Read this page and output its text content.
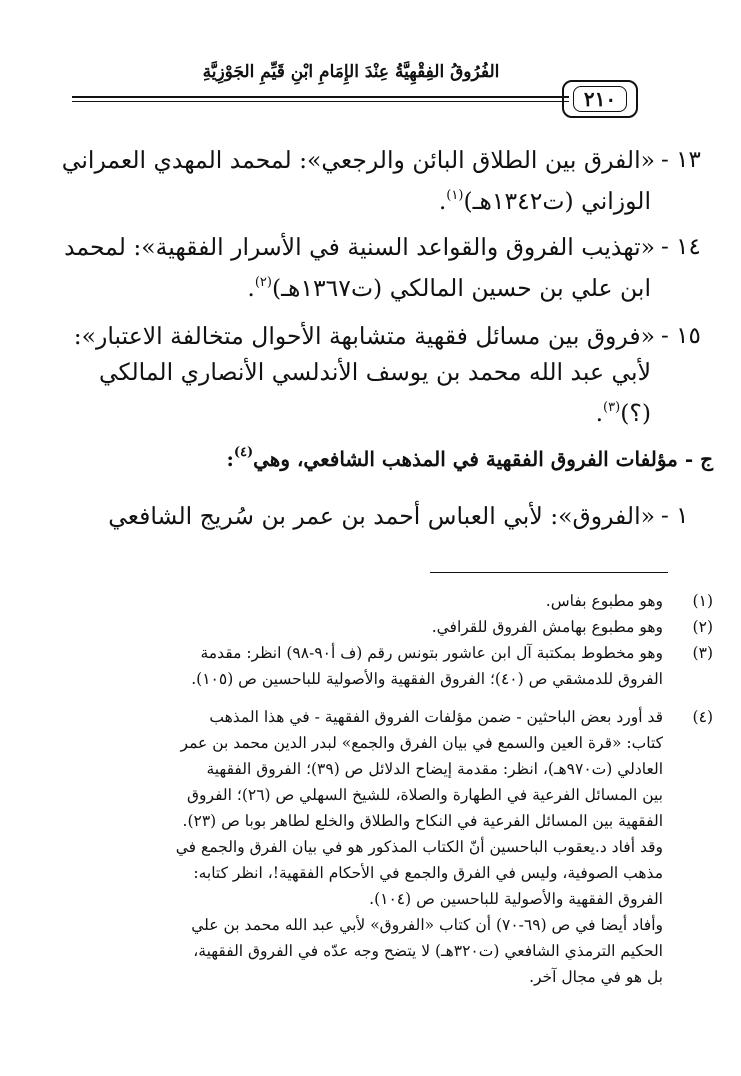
الفُرُوقُ الفِقْهِيَّةُ عِنْدَ الإِمَامِ ابْنِ قَيِّمِ الجَوْزِيَّةِ
٢١٠
١٣ -
«الفرق بين الطلاق البائن والرجعي»: لمحمد المهدي العمراني
الوزاني (ت١٣٤٢هـ)$^{(١)}$.
١٤ -
«تهذيب الفروق والقواعد السنية في الأسرار الفقهية»: لمحمد
ابن علي بن حسين المالكي (ت١٣٦٧هـ)$^{(٢)}$.
١٥ -
«فروق بين مسائل فقهية متشابهة الأحوال متخالفة الاعتبار»:
لأبي عبد الله محمد بن يوسف الأندلسي الأنصاري المالكي
(؟)$^{(٣)}$.
ج - مؤلفات الفروق الفقهية في المذهب الشافعي، وهي$^{(٤)}$:
١ -
«الفروق»: لأبي العباس أحمد بن عمر بن سُريج الشافعي
(١)
وهو مطبوع بفاس.
(٢)
وهو مطبوع بهامش الفروق للقرافي.
(٣)
وهو مخطوط بمكتبة آل ابن عاشور بتونس رقم (ف أ٩٠-٩٨) انظر: مقدمة
الفروق للدمشقي ص (٤٠)؛ الفروق الفقهية والأصولية للباحسين ص (١٠٥).
(٤)
قد أورد بعض الباحثين - ضمن مؤلفات الفروق الفقهية - في هذا المذهب
كتاب: «قرة العين والسمع في بيان الفرق والجمع» لبدر الدين محمد بن عمر
العادلي (ت٩٧٠هـ)، انظر: مقدمة إيضاح الدلائل ص (٣٩)؛ الفروق الفقهية
بين المسائل الفرعية في الطهارة والصلاة، للشيخ السهلي ص (٢٦)؛ الفروق
الفقهية بين المسائل الفرعية في النكاح والطلاق والخلع لطاهر بوبا ص (٢٣).
وقد أفاد د.يعقوب الباحسين أنّ الكتاب المذكور هو في بيان الفرق والجمع في
مذهب الصوفية، وليس في الفرق والجمع في الأحكام الفقهية!، انظر كتابه:
الفروق الفقهية والأصولية للباحسين ص (١٠٤).
وأفاد أيضا في ص (٦٩-٧٠) أن كتاب «الفروق» لأبي عبد الله محمد بن علي
الحكيم الترمذي الشافعي (ت٣٢٠هـ) لا يتضح وجه عدّه في الفروق الفقهية،
بل هو في مجال آخر.
